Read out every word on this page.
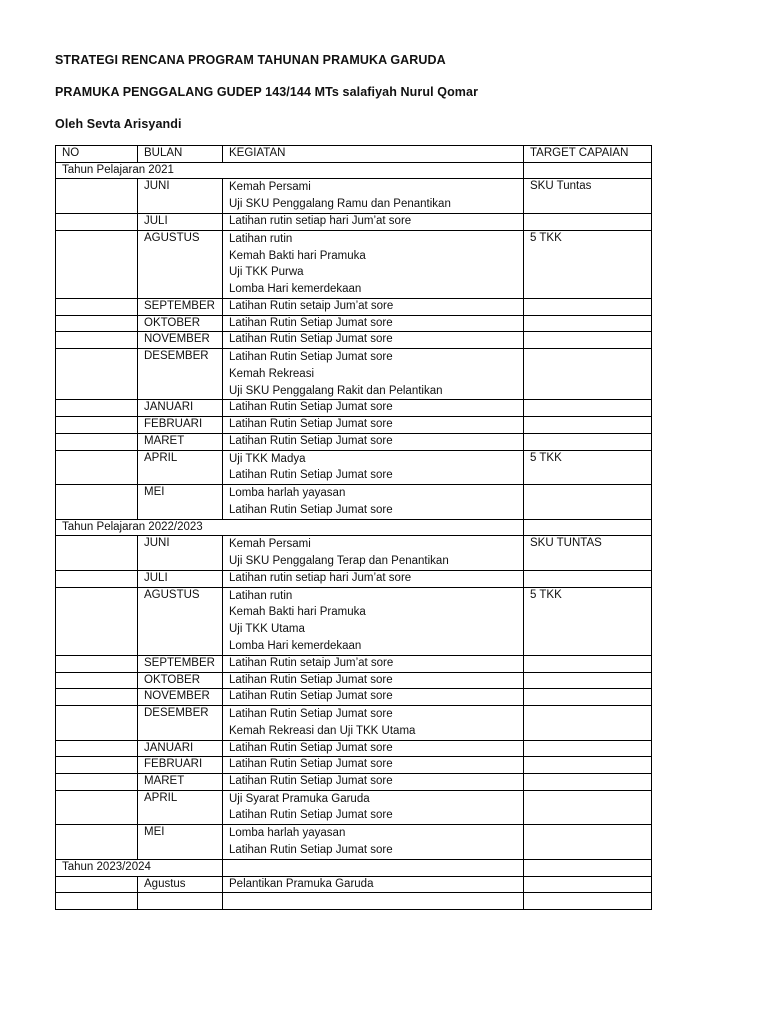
STRATEGI RENCANA PROGRAM TAHUNAN PRAMUKA GARUDA
PRAMUKA PENGGALANG GUDEP 143/144 MTs salafiyah Nurul Qomar
Oleh Sevta Arisyandi
NO	BULAN	KEGIATAN	TARGET CAPAIAN
Tahun Pelajaran 2021			
	JUNI	Kemah Persami
Uji SKU Penggalang Ramu dan Penantikan	SKU Tuntas
	JULI	Latihan rutin setiap hari Jum’at sore	

	AGUSTUS	Latihan rutin
Kemah Bakti hari Pramuka
Uji TKK Purwa
Lomba Hari kemerdekaan	5 TKK
	SEPTEMBER	Latihan Rutin setaip Jum’at sore	

	OKTOBER	Latihan Rutin Setiap Jumat sore	

	NOVEMBER	Latihan Rutin Setiap Jumat sore	

	DESEMBER	Latihan Rutin Setiap Jumat sore
Kemah Rekreasi
Uji SKU Penggalang Rakit dan Pelantikan	

	JANUARI	Latihan Rutin Setiap Jumat sore	

	FEBRUARI	Latihan Rutin Setiap Jumat sore	

	MARET	Latihan Rutin Setiap Jumat sore	

	APRIL	Uji TKK Madya
Latihan Rutin Setiap Jumat sore	5 TKK
	MEI	Lomba harlah yayasan
Latihan Rutin Setiap Jumat sore	

Tahun Pelajaran 2022/2023			
	JUNI	Kemah Persami
Uji SKU Penggalang Terap dan Penantikan	SKU TUNTAS
	JULI	Latihan rutin setiap hari Jum’at sore	

	AGUSTUS	Latihan rutin
Kemah Bakti hari Pramuka
Uji TKK Utama
Lomba Hari kemerdekaan	5 TKK
	SEPTEMBER	Latihan Rutin setaip Jum’at sore	

	OKTOBER	Latihan Rutin Setiap Jumat sore	

	NOVEMBER	Latihan Rutin Setiap Jumat sore	

	DESEMBER	Latihan Rutin Setiap Jumat sore
Kemah Rekreasi dan Uji TKK Utama	

	JANUARI	Latihan Rutin Setiap Jumat sore	

	FEBRUARI	Latihan Rutin Setiap Jumat sore	

	MARET	Latihan Rutin Setiap Jumat sore	

	APRIL	Uji Syarat Pramuka Garuda
Latihan Rutin Setiap Jumat sore	

	MEI	Lomba harlah yayasan
Latihan Rutin Setiap Jumat sore	

Tahun 2023/2024			
	Agustus	Pelantikan Pramuka Garuda	
